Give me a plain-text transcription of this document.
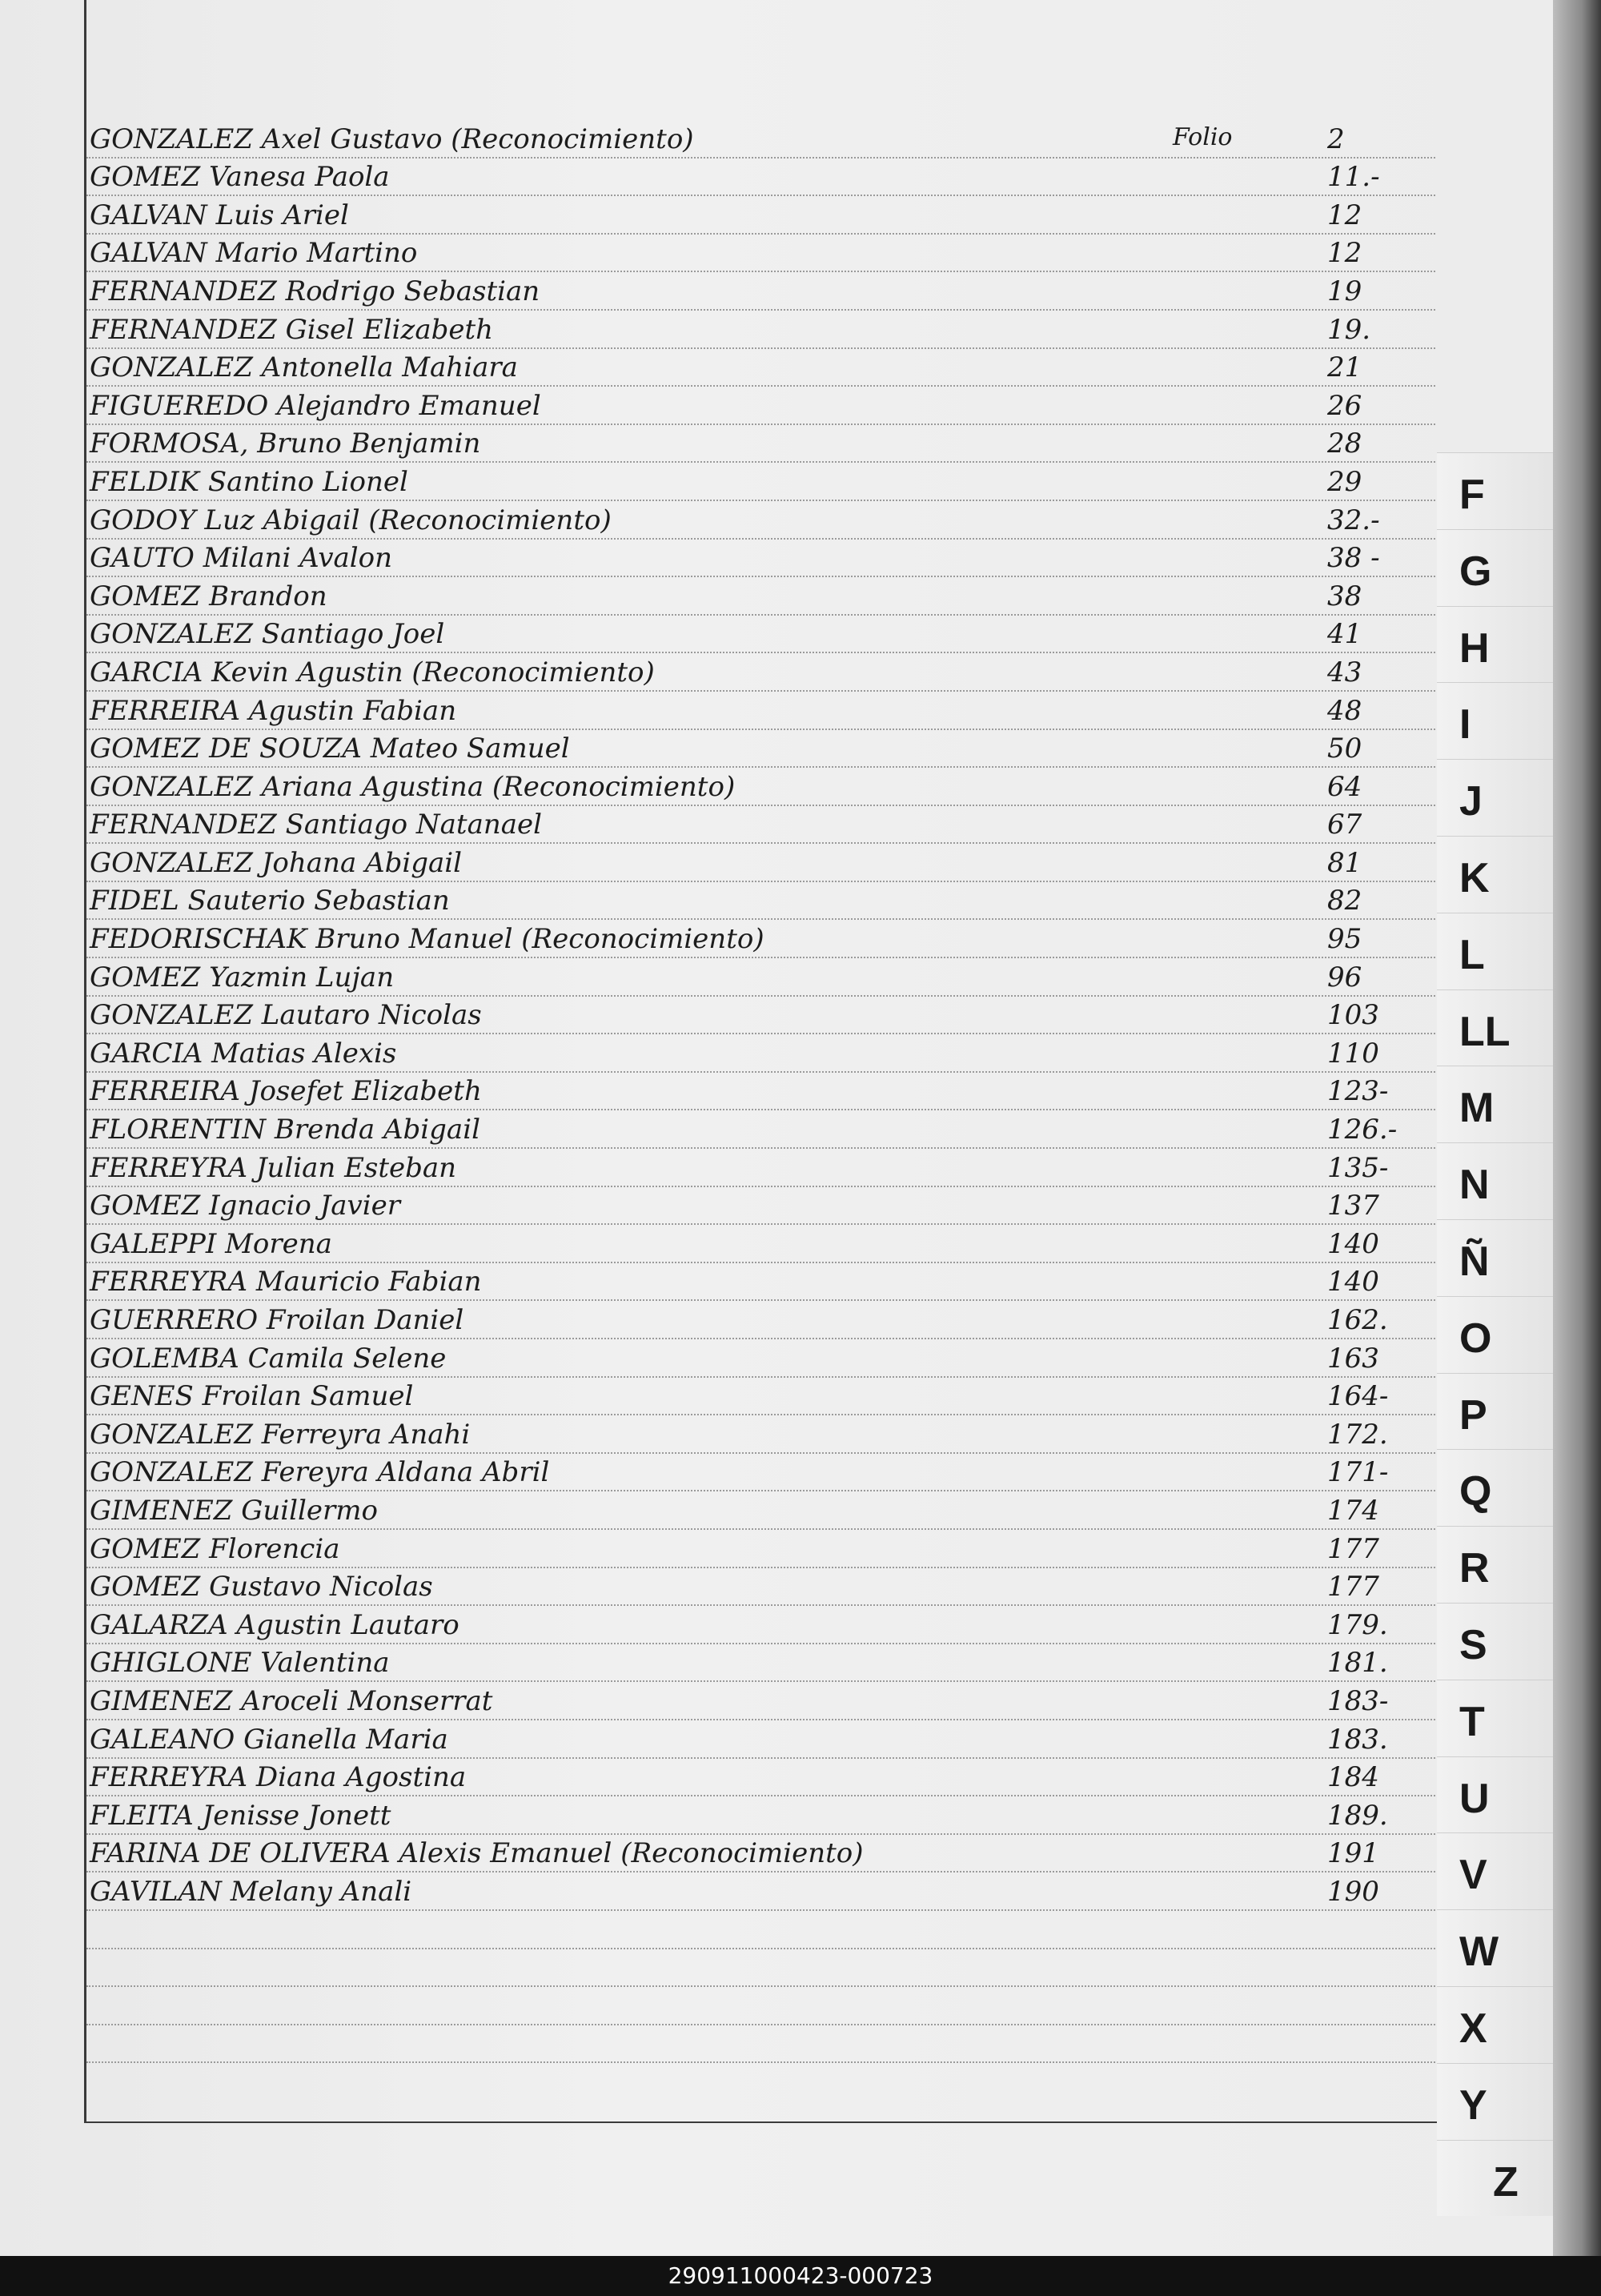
Folio
GONZALEZ Axel Gustavo (Reconocimiento)	2
GOMEZ Vanesa Paola	11.-
GALVAN Luis Ariel	12
GALVAN Mario Martino	12
FERNANDEZ Rodrigo Sebastian	19
FERNANDEZ Gisel Elizabeth	19.
GONZALEZ Antonella Mahiara	21
FIGUEREDO Alejandro Emanuel	26
FORMOSA, Bruno Benjamin	28
FELDIK Santino Lionel	29
GODOY Luz Abigail (Reconocimiento)	32.-
GAUTO Milani Avalon	38 -
GOMEZ Brandon	38
GONZALEZ Santiago Joel	41
GARCIA Kevin Agustin (Reconocimiento)	43
FERREIRA Agustin Fabian	48
GOMEZ DE SOUZA Mateo Samuel	50
GONZALEZ Ariana Agustina (Reconocimiento)	64
FERNANDEZ Santiago Natanael	67
GONZALEZ Johana Abigail	81
FIDEL Sauterio Sebastian	82
FEDORISCHAK Bruno Manuel (Reconocimiento)	95
GOMEZ Yazmin Lujan	96
GONZALEZ Lautaro Nicolas	103
GARCIA Matias Alexis	110
FERREIRA Josefet Elizabeth	123-
FLORENTIN Brenda Abigail	126.-
FERREYRA Julian Esteban	135-
GOMEZ Ignacio Javier	137
GALEPPI Morena	140
FERREYRA Mauricio Fabian	140
GUERRERO Froilan Daniel	162.
GOLEMBA Camila Selene	163
GENES Froilan Samuel	164-
GONZALEZ Ferreyra Anahi	172.
GONZALEZ Fereyra Aldana Abril	171-
GIMENEZ Guillermo	174
GOMEZ Florencia	177
GOMEZ Gustavo Nicolas	177
GALARZA Agustin Lautaro	179.
GHIGLONE Valentina	181.
GIMENEZ Aroceli Monserrat	183-
GALEANO Gianella Maria	183.
FERREYRA Diana Agostina	184
FLEITA Jenisse Jonett	189.
FARINA DE OLIVERA Alexis Emanuel (Reconocimiento)	191
GAVILAN Melany Anali	190
F
G
H
I
J
K
L
LL
M
N
Ñ
O
P
Q
R
S
T
U
V
W
X
Y
Z
290911000423-000723
